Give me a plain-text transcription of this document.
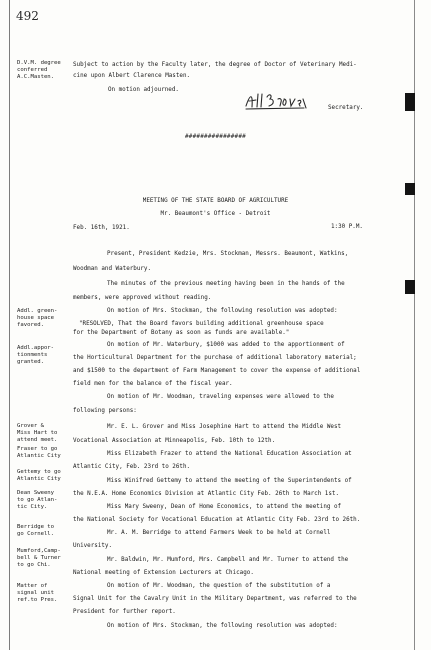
492
D.V.M. degree
conferred
A.C.Masten.
Addl. green-
house space
favored.
Addl.appor-
tionments
granted.
Grover &
Miss Hart to
attend meet.
Fraser to go
Atlantic City
Gettemy to go
Atlantic City
Dean Sweeny
to go Atlan-
tic City.
Berridge to
go Cornell.
Mumford,Camp-
bell & Turner
to go Chi.
Matter of
signal unit
ref.to Pres.
Subject to action by the Faculty later, the degree of Doctor of Veterinary Medi-
cine upon Albert Clarence Masten.
On motion adjourned.
Secretary.
################
MEETING OF THE STATE BOARD OF AGRICULTURE
Mr. Beaumont's Office - Detroit
Feb. 16th, 1921.	1:30 P.M.
Present, President Kedzie, Mrs. Stockman, Messrs. Beaumont, Watkins,
Woodman and Waterbury.
The minutes of the previous meeting having been in the hands of the
members, were approved without reading.
On motion of Mrs. Stockman, the following resolution was adopted:
"RESOLVED, That the Board favors building additional greenhouse space
for the Department of Botany as soon as funds are available."
On motion of Mr. Waterbury, $1000 was added to the apportionment of
the Horticultural Department for the purchase of additional laboratory material;
and $1500 to the department of Farm Management to cover the expense of additional
field men for the balance of the fiscal year.
On motion of Mr. Woodman, traveling expenses were allowed to the
following persons:
Mr. E. L. Grover and Miss Josephine Hart to attend the Middle West
Vocational Association at Minneapolis, Feb. 10th to 12th.
Miss Elizabeth Frazer to attend the National Education Association at
Atlantic City, Feb. 23rd to 26th.
Miss Winifred Gettemy to attend the meeting of the Superintendents of
the N.E.A. Home Economics Division at Atlantic City Feb. 26th to March 1st.
Miss Mary Sweeny, Dean of Home Economics, to attend the meeting of
the National Society for Vocational Education at Atlantic City Feb. 23rd to 26th.
Mr. A. M. Berridge to attend Farmers Week to be held at Cornell
University.
Mr. Baldwin, Mr. Mumford, Mrs. Campbell and Mr. Turner to attend the
National meeting of Extension Lecturers at Chicago.
On motion of Mr. Woodman, the question of the substitution of a
Signal Unit for the Cavalry Unit in the Military Department, was referred to the
President for further report.
On motion of Mrs. Stockman, the following resolution was adopted:
